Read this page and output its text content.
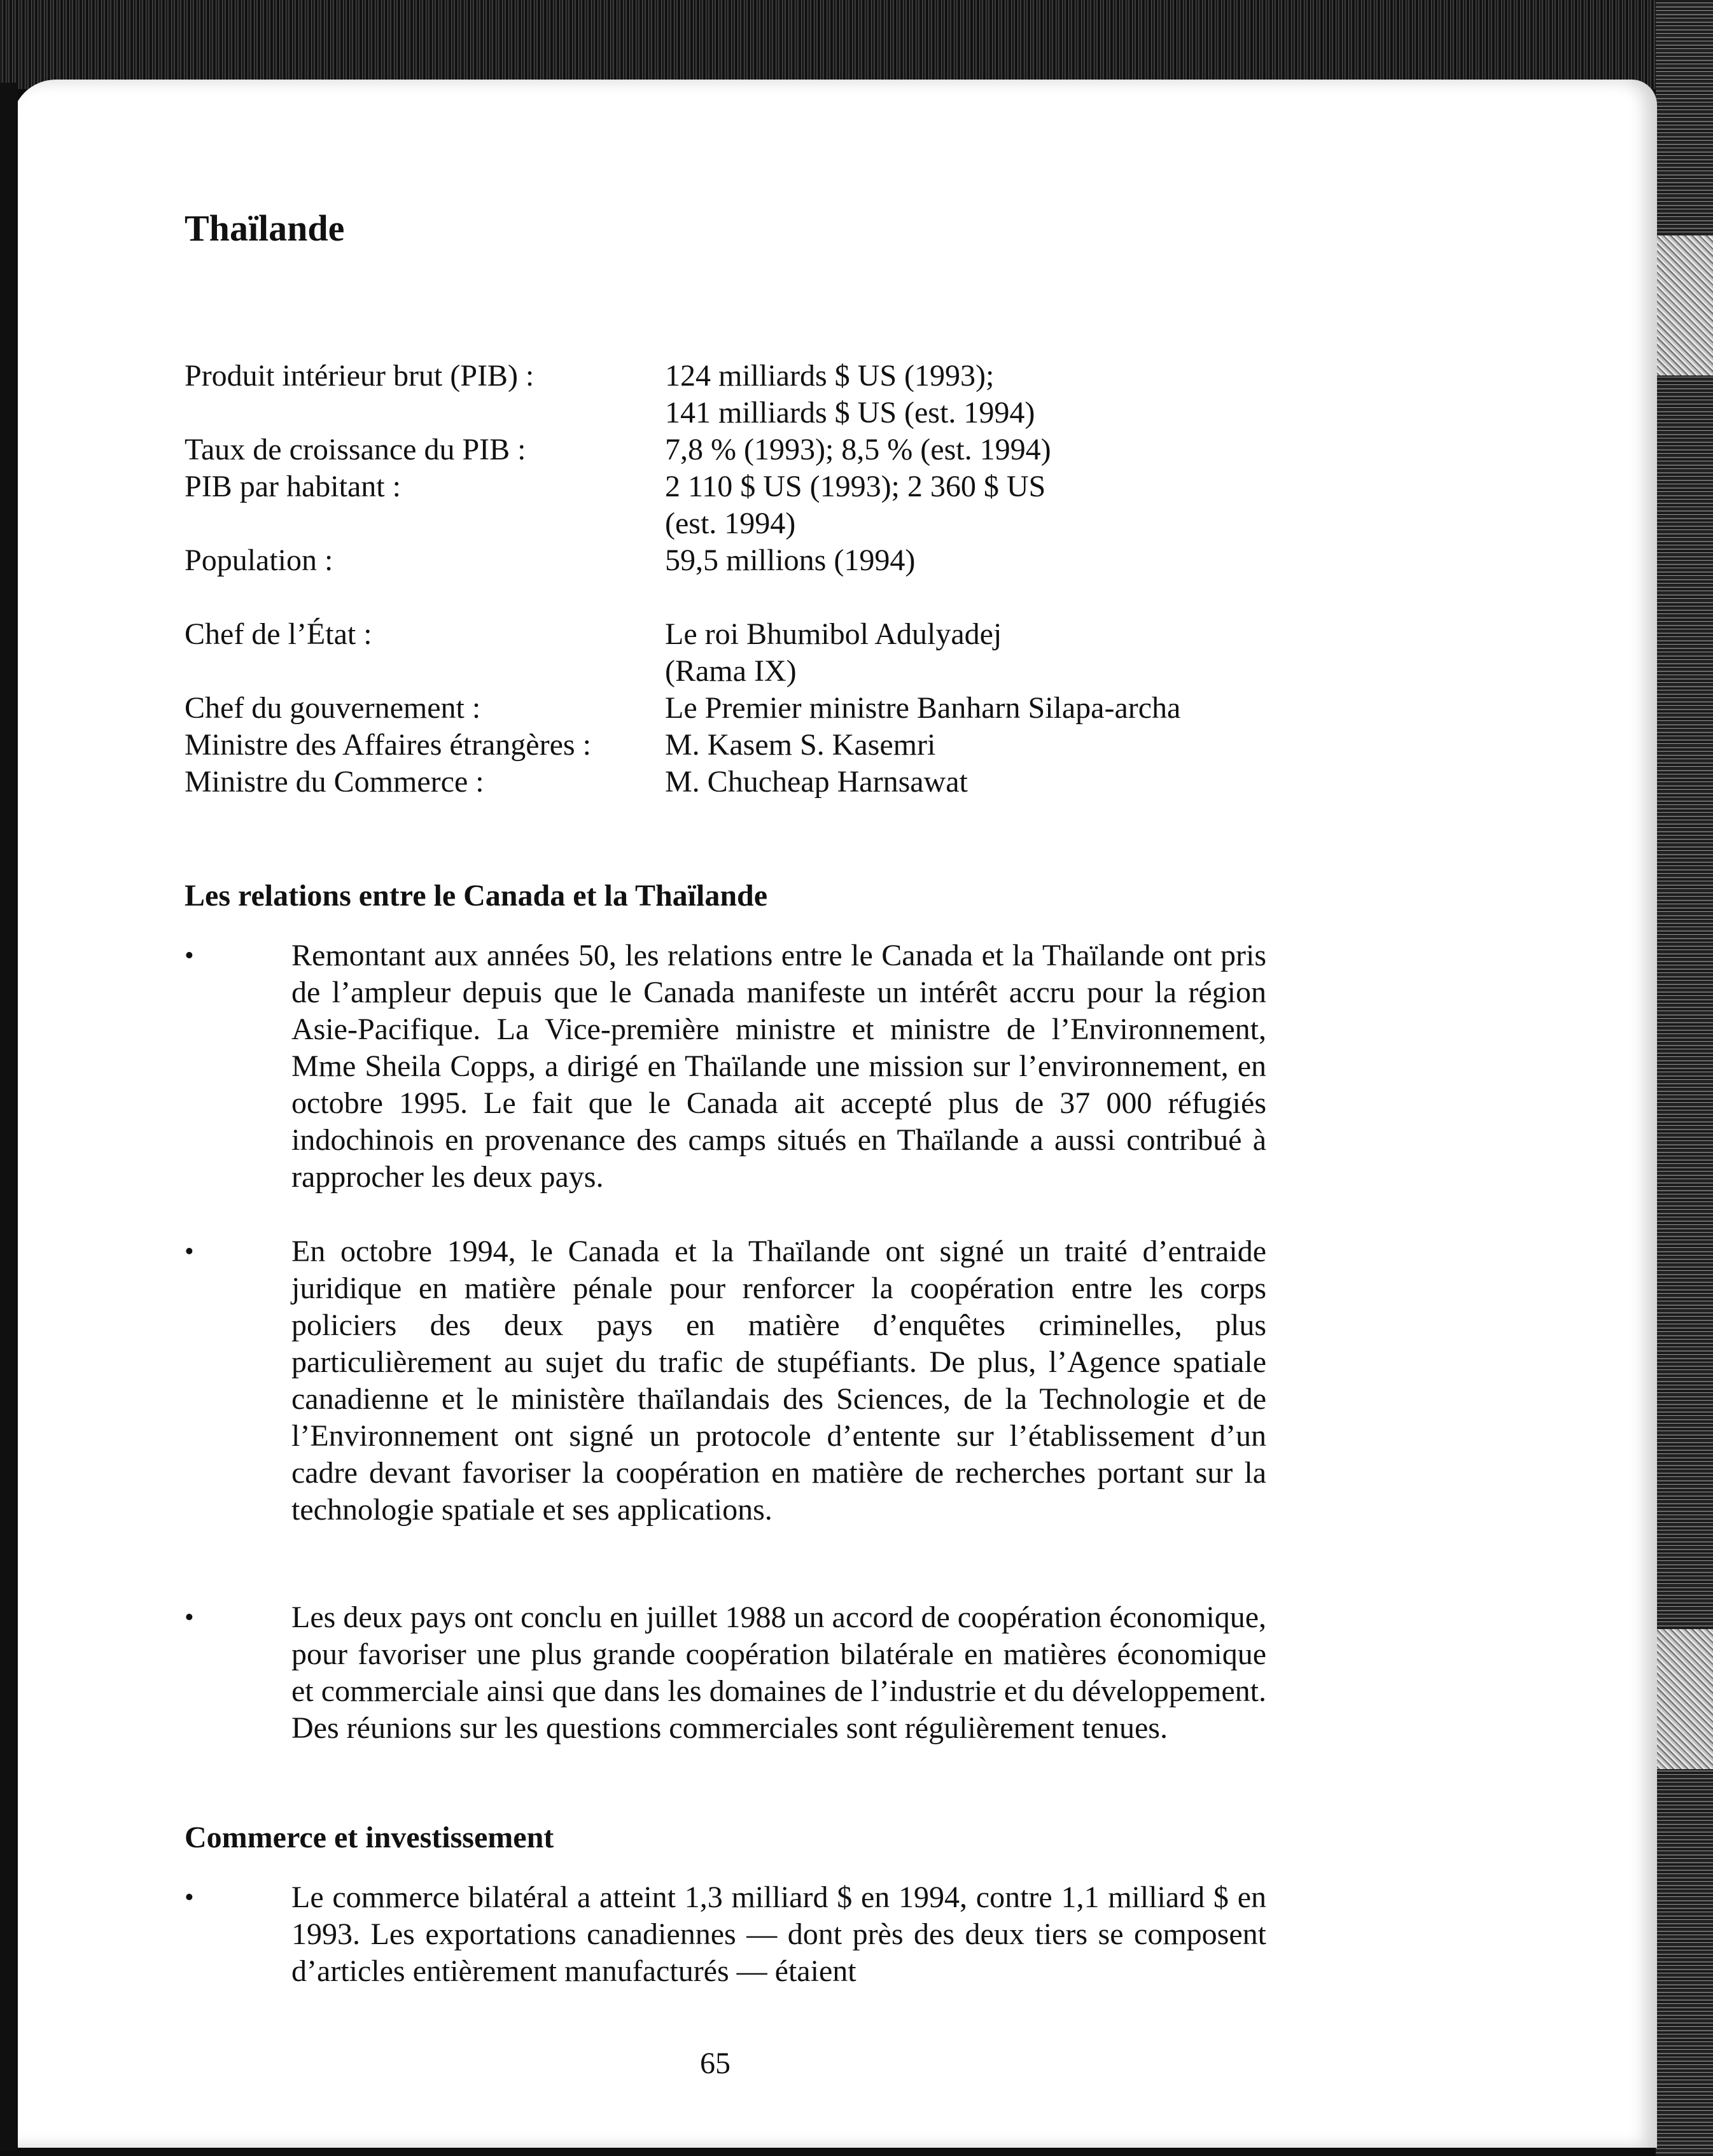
Thaïlande
Produit intérieur brut (PIB) :	124 milliards $ US (1993);
141 milliards $ US (est. 1994)
Taux de croissance du PIB :	7,8 % (1993); 8,5 % (est. 1994)
PIB par habitant :	2 110 $ US (1993); 2 360 $ US
(est. 1994)
Population :	59,5 millions (1994)
Chef de l’État :	Le roi Bhumibol Adulyadej
(Rama IX)
Chef du gouvernement :	Le Premier ministre Banharn Silapa-archa
Ministre des Affaires étrangères :	M. Kasem S. Kasemri
Ministre du Commerce :	M. Chucheap Harnsawat
Les relations entre le Canada et la Thaïlande
•	Remontant aux années 50, les relations entre le Canada et la Thaïlande ont pris de l’ampleur depuis que le Canada manifeste un intérêt accru pour la région Asie-Pacifique. La Vice-première ministre et ministre de l’Environnement, Mme Sheila Copps, a dirigé en Thaïlande une mission sur l’environnement, en octobre 1995. Le fait que le Canada ait accepté plus de 37 000 réfugiés indochinois en provenance des camps situés en Thaïlande a aussi contribué à rapprocher les deux pays.
•	En octobre 1994, le Canada et la Thaïlande ont signé un traité d’entraide juridique en matière pénale pour renforcer la coopération entre les corps policiers des deux pays en matière d’enquêtes criminelles, plus particulièrement au sujet du trafic de stupéfiants. De plus, l’Agence spatiale canadienne et le ministère thaïlandais des Sciences, de la Technologie et de l’Environnement ont signé un protocole d’entente sur l’établissement d’un cadre devant favoriser la coopération en matière de recherches portant sur la technologie spatiale et ses applications.
•	Les deux pays ont conclu en juillet 1988 un accord de coopération économique, pour favoriser une plus grande coopération bilatérale en matières économique et commerciale ainsi que dans les domaines de l’industrie et du développement. Des réunions sur les questions commerciales sont régulièrement tenues.
Commerce et investissement
•	Le commerce bilatéral a atteint 1,3 milliard $ en 1994, contre 1,1 milliard $ en 1993. Les exportations canadiennes — dont près des deux tiers se composent d’articles entièrement manufacturés — étaient
65
